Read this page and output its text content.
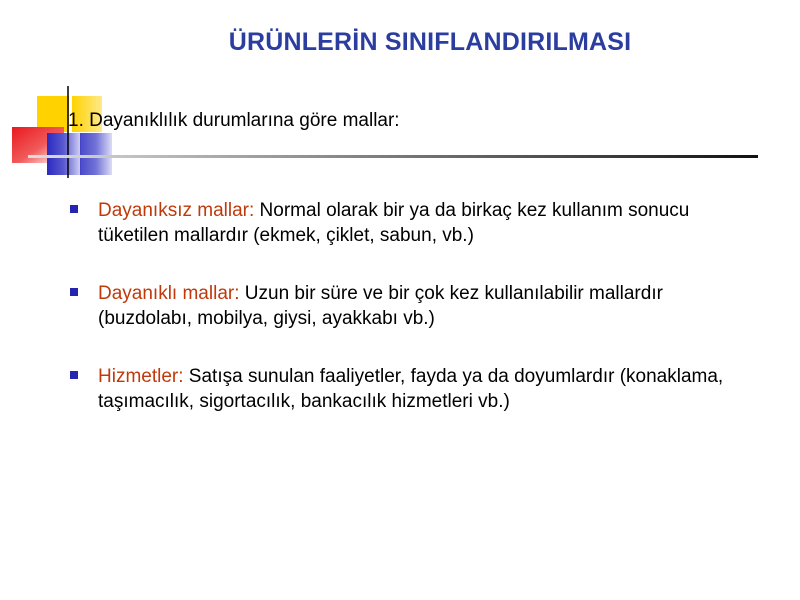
ÜRÜNLERİN SINIFLANDIRILMASI
1. Dayanıklılık durumlarına göre mallar:
Dayanıksız mallar: Normal olarak bir ya da birkaç kez kullanım sonucu tüketilen mallardır (ekmek, çiklet, sabun, vb.)
Dayanıklı mallar: Uzun bir süre ve bir çok kez kullanılabilir mallardır (buzdolabı, mobilya, giysi, ayakkabı vb.)
Hizmetler: Satışa sunulan faaliyetler, fayda ya da doyumlardır (konaklama, taşımacılık, sigortacılık, bankacılık hizmetleri vb.)
